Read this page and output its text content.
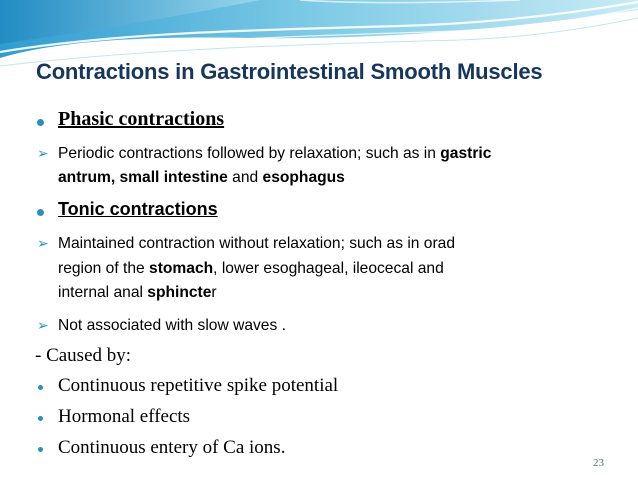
Contractions in Gastrointestinal Smooth Muscles
Phasic contractions
➢ Periodic contractions followed by relaxation; such as in gastric
antrum, small intestine and esophagus
Tonic contractions
➢ Maintained contraction without relaxation; such as in orad
region of the stomach, lower esoghageal, ileocecal and
internal anal sphincter
➢ Not associated with slow waves .
- Caused by:
Continuous repetitive spike potential
Hormonal effects
Continuous entery of Ca ions.
23
